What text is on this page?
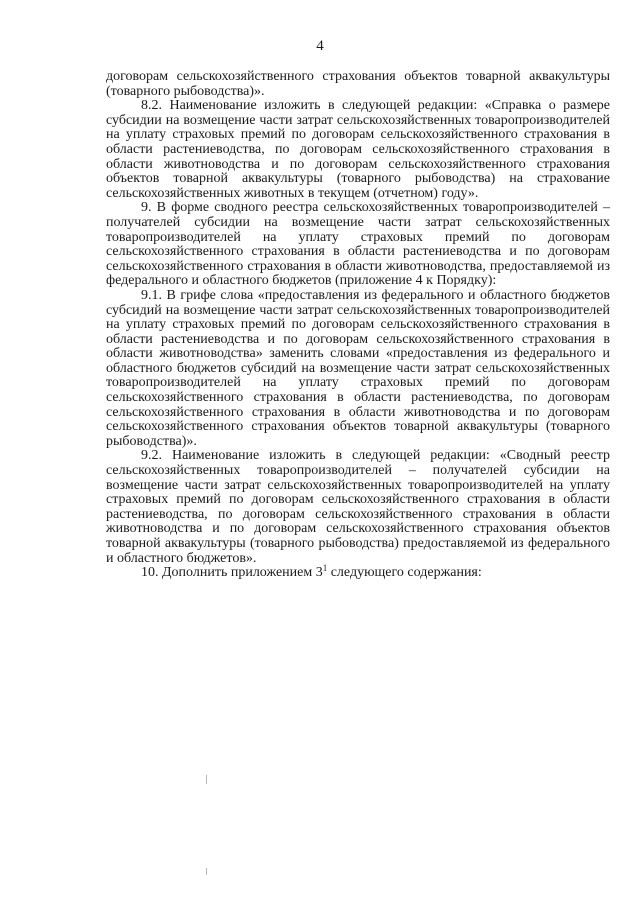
4

договорам сельскохозяйственного страхования объектов товарной аквакультуры (товарного рыбоводства)».

8.2. Наименование изложить в следующей редакции: «Справка о размере субсидии на возмещение части затрат сельскохозяйственных товаропроизводителей на уплату страховых премий по договорам сельскохозяйственного страхования в области растениеводства, по договорам сельскохозяйственного страхования в области животноводства и по договорам сельскохозяйственного страхования объектов товарной аквакультуры (товарного рыбоводства) на страхование сельскохозяйственных животных в текущем (отчетном) году».

9. В форме сводного реестра сельскохозяйственных товаропроизводителей – получателей субсидии на возмещение части затрат сельскохозяйственных товаропроизводителей на уплату страховых премий по договорам сельскохозяйственного страхования в области растениеводства и по договорам сельскохозяйственного страхования в области животноводства, предоставляемой из федерального и областного бюджетов (приложение 4 к Порядку):

9.1. В грифе слова «предоставления из федерального и областного бюджетов субсидий на возмещение части затрат сельскохозяйственных товаропроизводителей на уплату страховых премий по договорам сельскохозяйственного страхования в области растениеводства и по договорам сельскохозяйственного страхования в области животноводства» заменить словами «предоставления из федерального и областного бюджетов субсидий на возмещение части затрат сельскохозяйственных товаропроизводителей на уплату страховых премий по договорам сельскохозяйственного страхования в области растениеводства, по договорам сельскохозяйственного страхования в области животноводства и по договорам сельскохозяйственного страхования объектов товарной аквакультуры (товарного рыбоводства)».

9.2. Наименование изложить в следующей редакции: «Сводный реестр сельскохозяйственных товаропроизводителей – получателей субсидии на возмещение части затрат сельскохозяйственных товаропроизводителей на уплату страховых премий по договорам сельскохозяйственного страхования в области растениеводства, по договорам сельскохозяйственного страхования в области животноводства и по договорам сельскохозяйственного страхования объектов товарной аквакультуры (товарного рыбоводства) предоставляемой из федерального и областного бюджетов».

10. Дополнить приложением $3^1$ следующего содержания:
